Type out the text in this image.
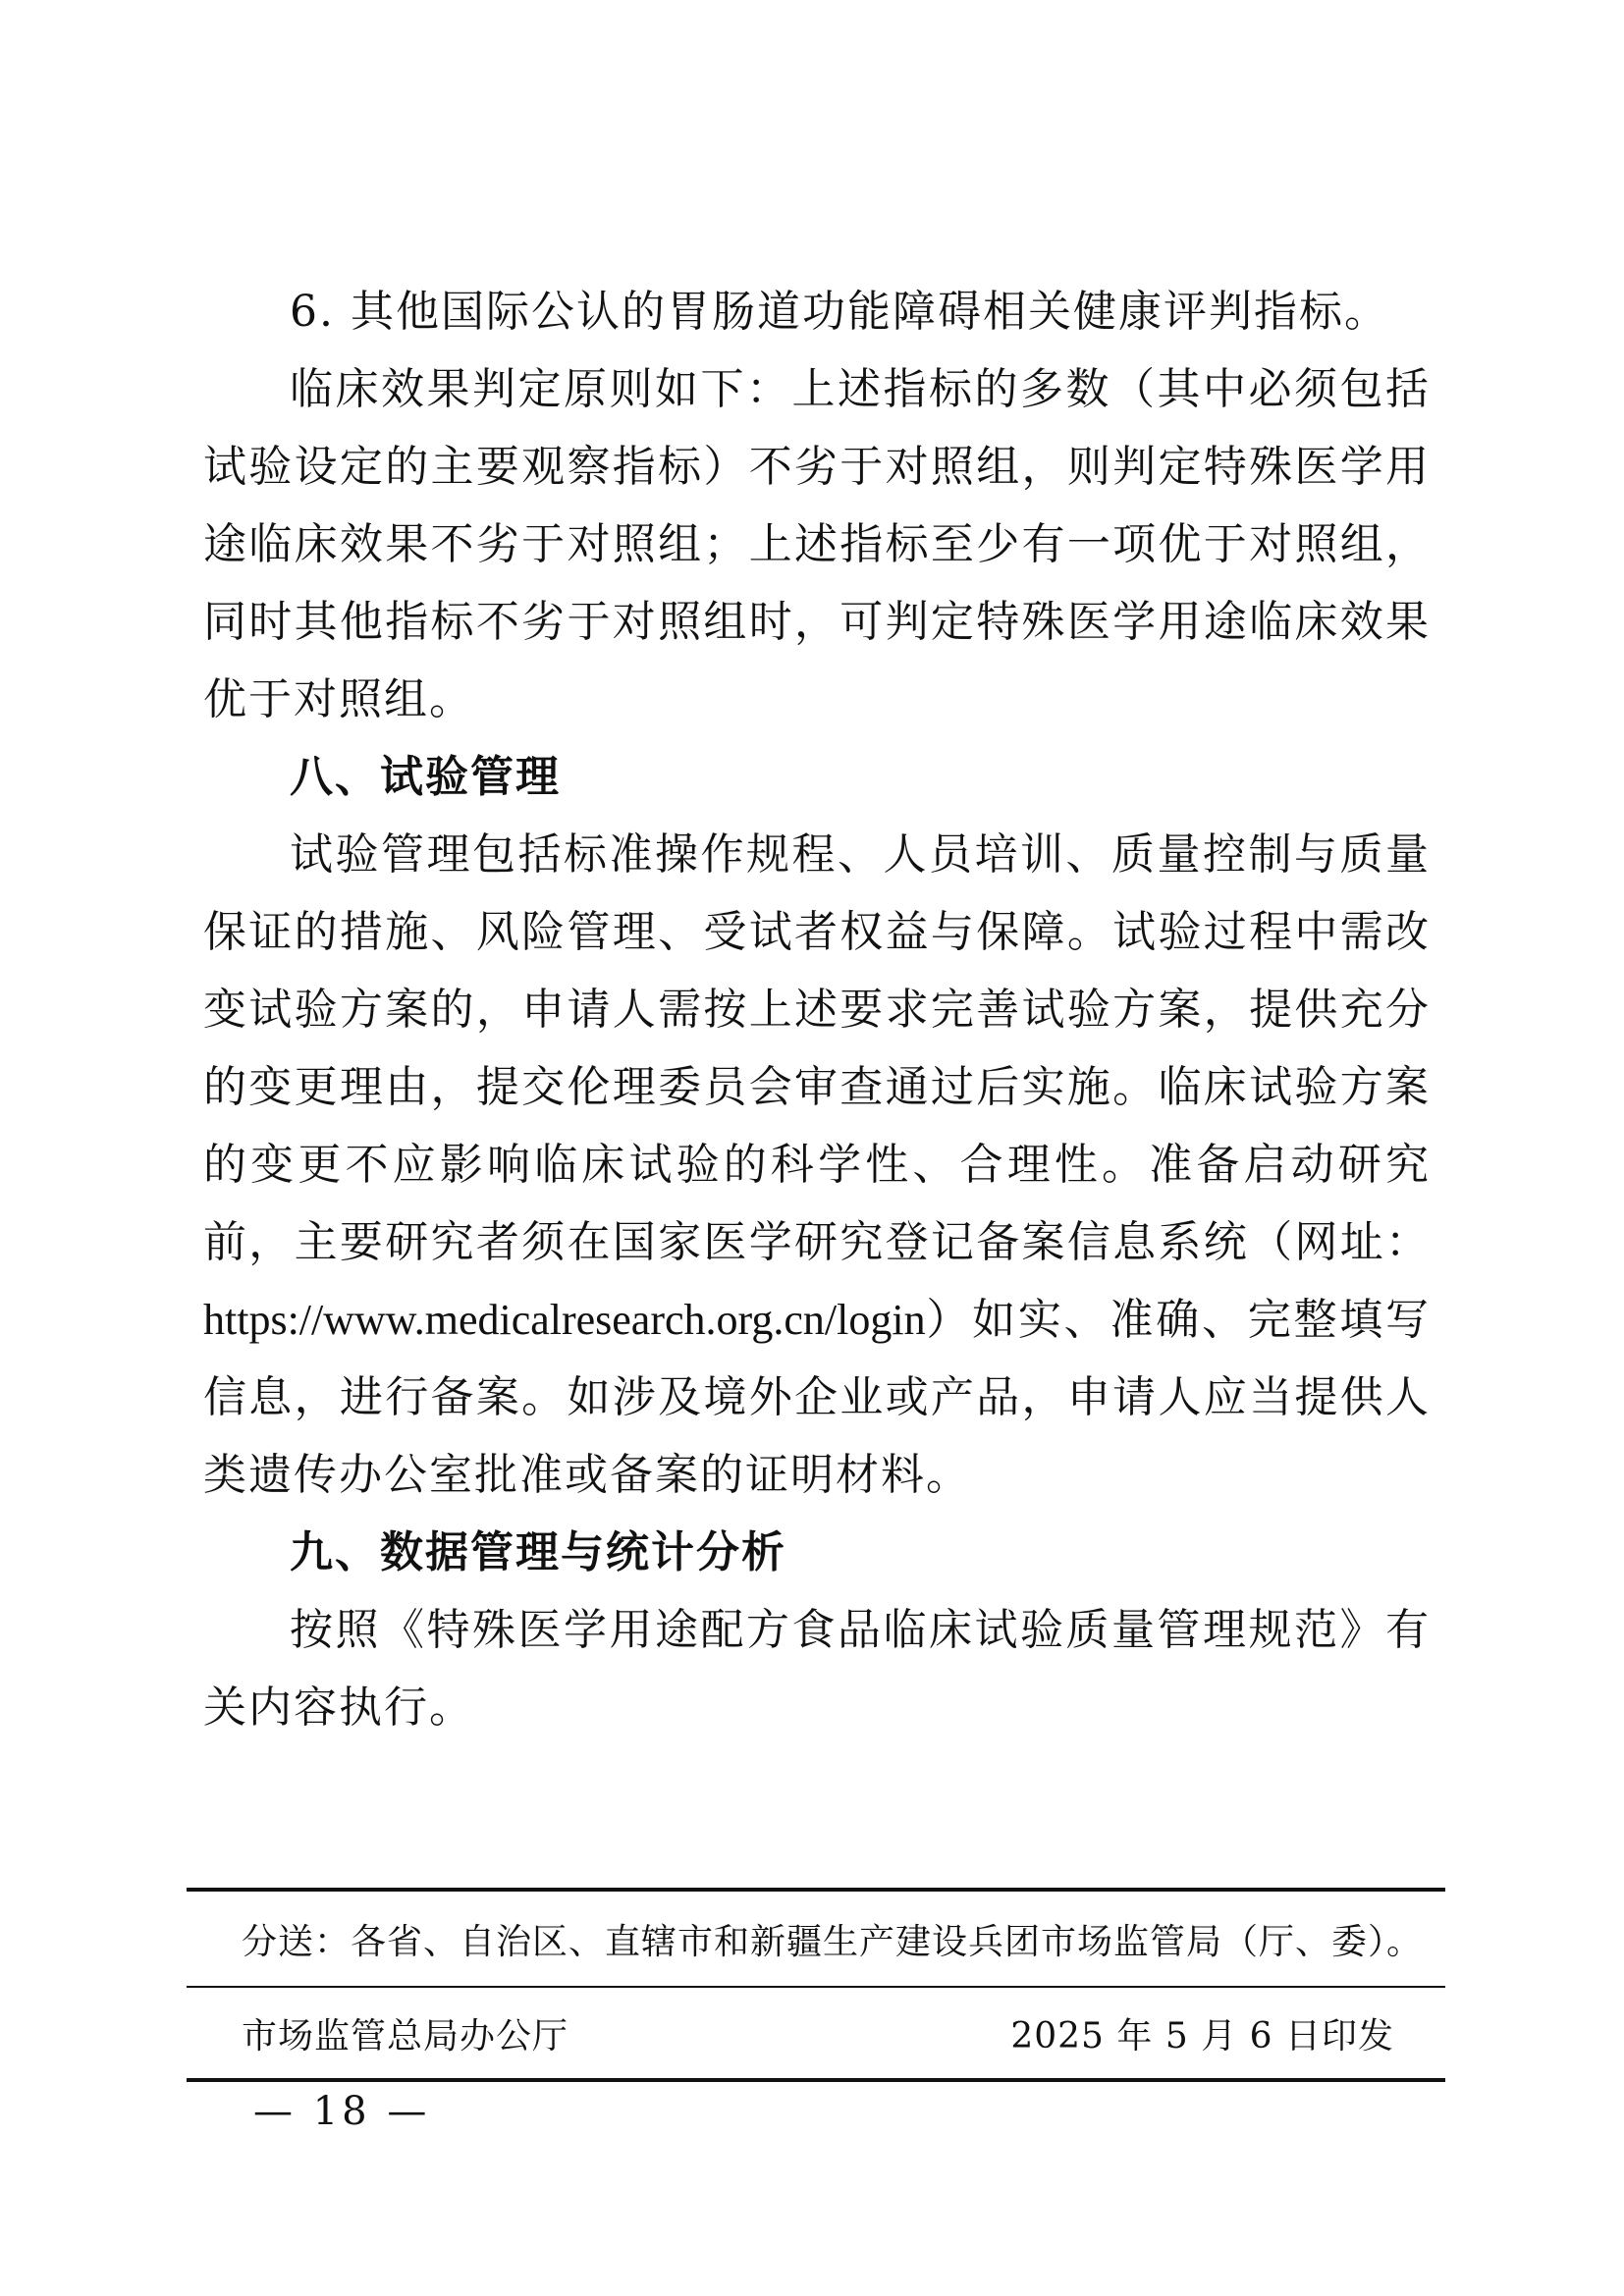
6. 其他国际公认的胃肠道功能障碍相关健康评判指标。

临床效果判定原则如下：上述指标的多数（其中必须包括试验设定的主要观察指标）不劣于对照组，则判定特殊医学用途临床效果不劣于对照组；上述指标至少有一项优于对照组，同时其他指标不劣于对照组时，可判定特殊医学用途临床效果优于对照组。

八、试验管理

试验管理包括标准操作规程、人员培训、质量控制与质量保证的措施、风险管理、受试者权益与保障。试验过程中需改变试验方案的，申请人需按上述要求完善试验方案，提供充分的变更理由，提交伦理委员会审查通过后实施。临床试验方案的变更不应影响临床试验的科学性、合理性。准备启动研究前，主要研究者须在国家医学研究登记备案信息系统（网址：https://www.medicalresearch.org.cn/login）如实、准确、完整填写信息，进行备案。如涉及境外企业或产品，申请人应当提供人类遗传办公室批准或备案的证明材料。

九、数据管理与统计分析

按照《特殊医学用途配方食品临床试验质量管理规范》有关内容执行。

分送：各省、自治区、直辖市和新疆生产建设兵团市场监管局（厅、委）。
市场监管总局办公厅	2025 年 5 月 6 日印发
— 18 —
